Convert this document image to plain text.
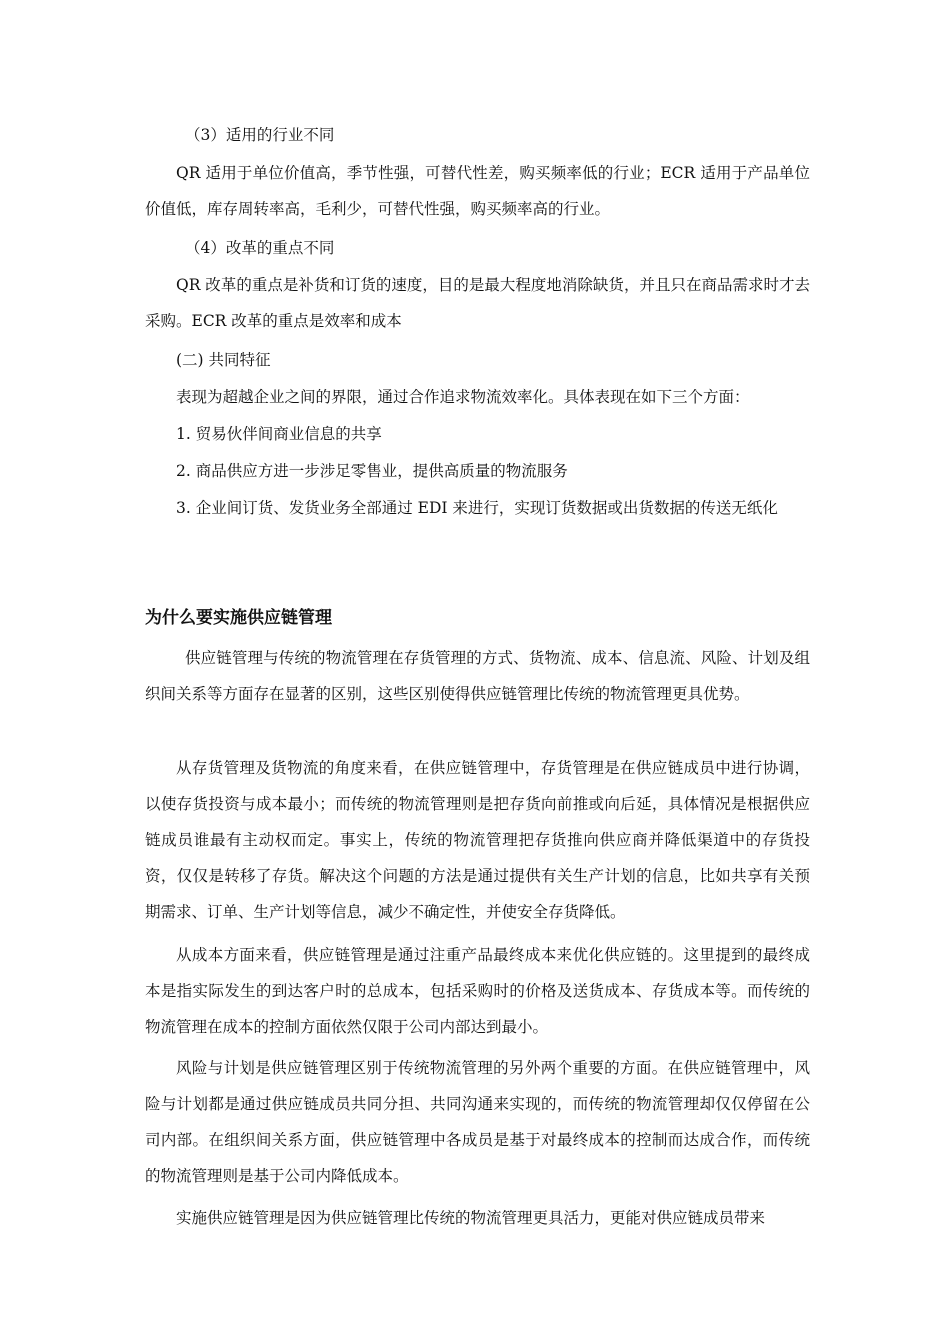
（3）适用的行业不同

QR 适用于单位价值高，季节性强，可替代性差，购买频率低的行业；ECR 适用于产品单位价值低，库存周转率高，毛利少，可替代性强，购买频率高的行业。

（4）改革的重点不同

QR 改革的重点是补货和订货的速度，目的是最大程度地消除缺货，并且只在商品需求时才去采购。ECR 改革的重点是效率和成本

(二) 共同特征

表现为超越企业之间的界限，通过合作追求物流效率化。具体表现在如下三个方面：

1. 贸易伙伴间商业信息的共享

2. 商品供应方进一步涉足零售业，提供高质量的物流服务

3. 企业间订货、发货业务全部通过 EDI 来进行，实现订货数据或出货数据的传送无纸化

为什么要实施供应链管理

供应链管理与传统的物流管理在存货管理的方式、货物流、成本、信息流、风险、计划及组织间关系等方面存在显著的区别，这些区别使得供应链管理比传统的物流管理更具优势。

从存货管理及货物流的角度来看，在供应链管理中，存货管理是在供应链成员中进行协调，以使存货投资与成本最小；而传统的物流管理则是把存货向前推或向后延，具体情况是根据供应链成员谁最有主动权而定。事实上，传统的物流管理把存货推向供应商并降低渠道中的存货投资，仅仅是转移了存货。解决这个问题的方法是通过提供有关生产计划的信息，比如共享有关预期需求、订单、生产计划等信息，减少不确定性，并使安全存货降低。

从成本方面来看，供应链管理是通过注重产品最终成本来优化供应链的。这里提到的最终成本是指实际发生的到达客户时的总成本，包括采购时的价格及送货成本、存货成本等。而传统的物流管理在成本的控制方面依然仅限于公司内部达到最小。

风险与计划是供应链管理区别于传统物流管理的另外两个重要的方面。在供应链管理中，风险与计划都是通过供应链成员共同分担、共同沟通来实现的，而传统的物流管理却仅仅停留在公司内部。在组织间关系方面，供应链管理中各成员是基于对最终成本的控制而达成合作，而传统的物流管理则是基于公司内降低成本。

实施供应链管理是因为供应链管理比传统的物流管理更具活力，更能对供应链成员带来
